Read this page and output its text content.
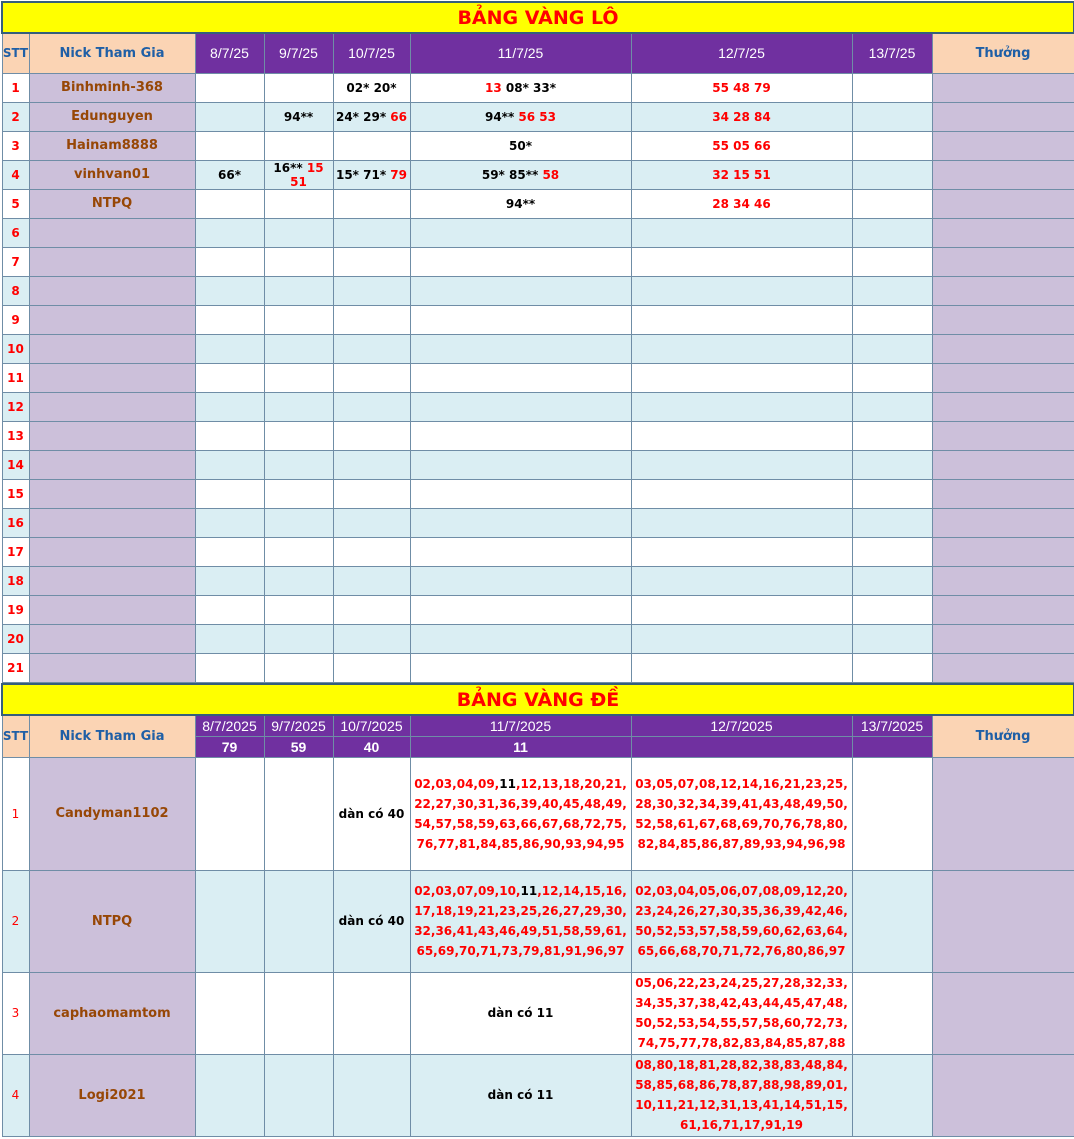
BẢNG VÀNG LÔ								
STT	Nick Tham Gia	8/7/25	9/7/25	10/7/25	11/7/25	12/7/25	13/7/25	Thưởng
1	Binhminh-368			02* 20*	13 08* 33*	55 48 79		
2	Edunguyen		94**	24* 29* 66	94** 56 53	34 28 84		
3	Hainam8888				50*	55 05 66		
4	vinhvan01	66*	16** 15 51	15* 71* 79	59* 85** 58	32 15 51		
5	NTPQ				94**	28 34 46		
6								
7								
8								
9								
10								
11								
12								
13								
14								
15								
16								
17								
18								
19								
20								
21								
BẢNG VÀNG ĐỀ								
STT	Nick Tham Gia	8/7/2025	9/7/2025	10/7/2025	11/7/2025	12/7/2025	13/7/2025	Thưởng
		79	59	40	11			
1	Candyman1102			dàn có 40	02,03,04,09,11,12,13,18,20,21,22,27,30,31,36,39,40,45,48,49,54,57,58,59,63,66,67,68,72,75,76,77,81,84,85,86,90,93,94,95	03,05,07,08,12,14,16,21,23,25,28,30,32,34,39,41,43,48,49,50,52,58,61,67,68,69,70,76,78,80,82,84,85,86,87,89,93,94,96,98		
2	NTPQ			dàn có 40	02,03,07,09,10,11,12,14,15,16,17,18,19,21,23,25,26,27,29,30,32,36,41,43,46,49,51,58,59,61,65,69,70,71,73,79,81,91,96,97	02,03,04,05,06,07,08,09,12,20,23,24,26,27,30,35,36,39,42,46,50,52,53,57,58,59,60,62,63,64,65,66,68,70,71,72,76,80,86,97		
3	caphaomamtom				dàn có 11	05,06,22,23,24,25,27,28,32,33,34,35,37,38,42,43,44,45,47,48,50,52,53,54,55,57,58,60,72,73,74,75,77,78,82,83,84,85,87,88		
4	Logi2021				dàn có 11	08,80,18,81,28,82,38,83,48,84,58,85,68,86,78,87,88,98,89,01,10,11,21,12,31,13,41,14,51,15,61,16,71,17,91,19		
